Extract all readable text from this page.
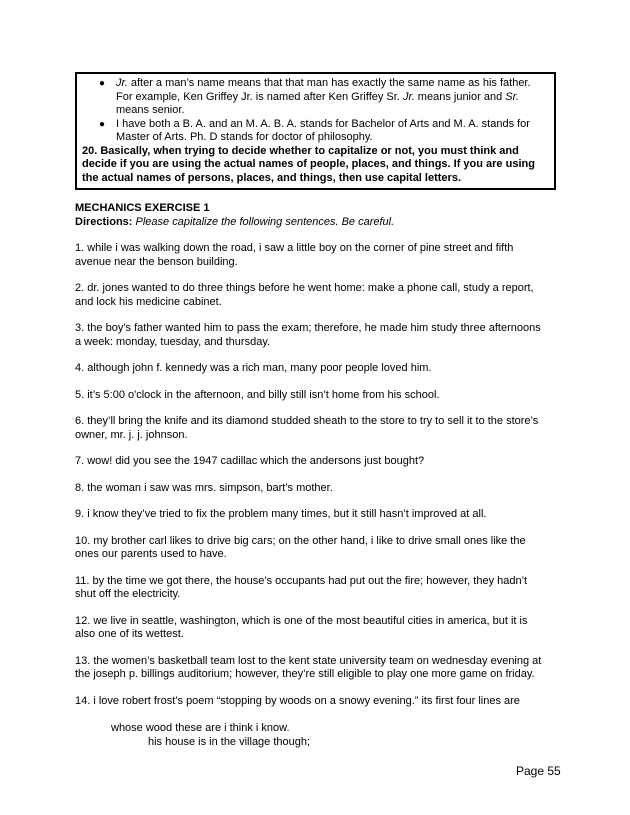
● Jr. after a man’s name means that that man has exactly the same name as his father.
For example, Ken Griffey Jr. is named after Ken Griffey Sr. Jr. means junior and Sr.
means senior.
● I have both a B. A. and an M. A. B. A. stands for Bachelor of Arts and M. A. stands for
Master of Arts. Ph. D stands for doctor of philosophy.
20. Basically, when trying to decide whether to capitalize or not, you must think and
decide if you are using the actual names of people, places, and things. If you are using
the actual names of persons, places, and things, then use capital letters.
MECHANICS EXERCISE 1
Directions: Please capitalize the following sentences. Be careful.
1. while i was walking down the road, i saw a little boy on the corner of pine street and fifth
avenue near the benson building.
2. dr. jones wanted to do three things before he went home: make a phone call, study a report,
and lock his medicine cabinet.
3. the boy’s father wanted him to pass the exam; therefore, he made him study three afternoons
a week: monday, tuesday, and thursday.
4. although john f. kennedy was a rich man, many poor people loved him.
5. it’s 5:00 o'clock in the afternoon, and billy still isn’t home from his school.
6. they’ll bring the knife and its diamond studded sheath to the store to try to sell it to the store’s
owner, mr. j. j. johnson.
7. wow! did you see the 1947 cadillac which the andersons just bought?
8. the woman i saw was mrs. simpson, bart’s mother.
9. i know they’ve tried to fix the problem many times, but it still hasn’t improved at all.
10. my brother carl likes to drive big cars; on the other hand, i like to drive small ones like the
ones our parents used to have.
11. by the time we got there, the house’s occupants had put out the fire; however, they hadn’t
shut off the electricity.
12. we live in seattle, washington, which is one of the most beautiful cities in america, but it is
also one of its wettest.
13. the women’s basketball team lost to the kent state university team on wednesday evening at
the joseph p. billings auditorium; however, they’re still eligible to play one more game on friday.
14. i love robert frost’s poem “stopping by woods on a snowy evening.” its first four lines are
whose wood these are i think i know.
his house is in the village though;
Page 55
